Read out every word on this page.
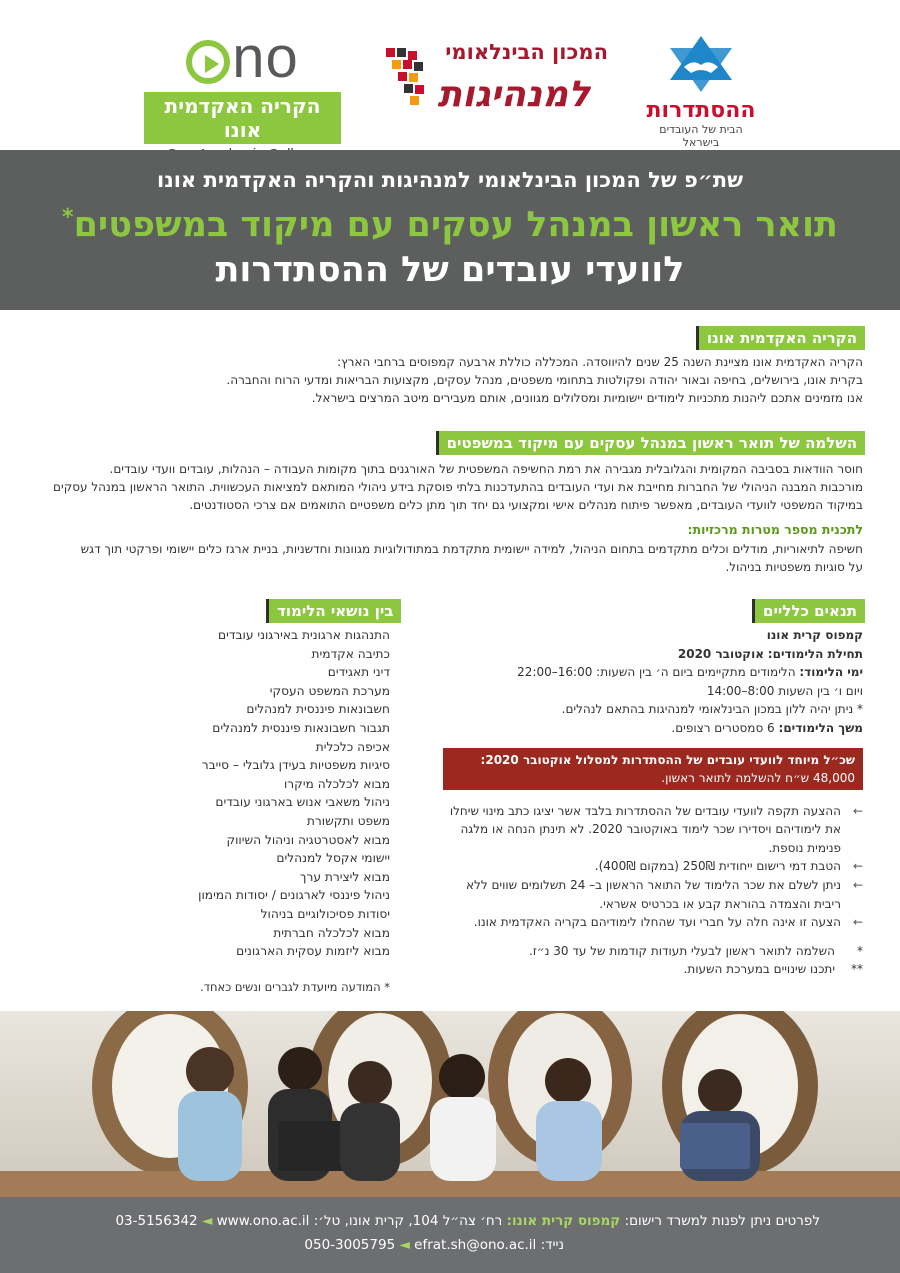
no
הקריה האקדמית אונו
המכון הבינלאומי
למנהיגות	ההסתדרות
הבית של העובדים בישראל
שת״פ של המכון הבינלאומי למנהיגות והקריה האקדמית אונו
תואר ראשון במנהל עסקים עם מיקוד במשפטים*
לוועדי עובדים של ההסתדרות
הקריה האקדמית אונו

הקריה האקדמית אונו מציינת השנה 25 שנים להיווסדה. המכללה כוללת ארבעה קמפוסים ברחבי הארץ:

בקרית אונו, בירושלים, בחיפה ובאור יהודה ופקולטות בתחומי משפטים, מנהל עסקים, מקצועות הבריאות ומדעי הרוח והחברה.

אנו מזמינים אתכם ליהנות מתכניות לימודים יישומיות ומסלולים מגוונים, אותם מעבירים מיטב המרצים בישראל.

השלמה של תואר ראשון במנהל עסקים עם מיקוד במשפטים

חוסר הוודאות בסביבה המקומית והגלובלית מגבירה את רמת החשיפה המשפטית של האורגנים בתוך מקומות העבודה – הנהלות, עובדים וועדי עובדים.

מורכבות המבנה הניהולי של החברות מחייבת את ועדי העובדים בהתעדכנות בלתי פוסקת בידע ניהולי המותאם למציאות העכשווית. התואר הראשון במנהל עסקים

במיקוד המשפטי לוועדי העובדים, מאפשר פיתוח מנהלים אישי ומקצועי גם יחד תוך מתן כלים משפטיים התואמים אם צרכי הסטודנטים.

לתכנית מספר מטרות מרכזיות:

חשיפה לתיאוריות, מודלים וכלים מתקדמים בתחום הניהול, למידה יישומית מתקדמת במתודולוגיות מגוונות וחדשניות, בניית ארגז כלים יישומי ופרקטי תוך דגש

על סוגיות משפטיות בניהול.

תנאים כלליים

קמפוס קרית אונו

תחילת הלימודים: אוקטובר 2020

ימי הלימוד: הלימודים מתקיימים ביום ה׳ בין השעות: 16:00–22:00

ויום ו׳ בין השעות 8:00–14:00

* ניתן יהיה ללון במכון הבינלאומי למנהיגות בהתאם לנהלים.

משך הלימודים: 6 סמסטרים רצופים.

שכ״ל מיוחד לוועדי עובדים של ההסתדרות למסלול אוקטובר 2020:
48,000 ש״ח להשלמה לתואר ראשון.
←
ההצעה תקפה לוועדי עובדים של ההסתדרות בלבד אשר יציגו כתב מינוי שיחלו את לימודיהם ויסדירו שכר לימוד באוקטובר 2020. לא תינתן הנחה או מלגה פנימית נוספת.
←
הטבת דמי רישום ייחודית 250₪ (במקום 400₪).
←
ניתן לשלם את שכר הלימוד של התואר הראשון ב– 24 תשלומים שווים ללא ריבית והצמדה בהוראת קבע או בכרטיס אשראי.
←
הצעה זו אינה חלה על חברי ועד שהחלו לימודיהם בקריה האקדמית אונו.
*
השלמה לתואר ראשון לבעלי תעודות קודמות של עד 30 נ״ז.
**
יתכנו שינויים במערכת השעות.
בין נושאי הלימוד
התנהגות ארגונית באירגוני עובדים
כתיבה אקדמית
דיני תאגידים
מערכת המשפט העסקי
חשבונאות פיננסית למנהלים
תגבור חשבונאות פיננסית למנהלים
אכיפה כלכלית
סיגיות משפטיות בעידן גלובלי – סייבר
מבוא לכלכלה מיקרו
ניהול משאבי אנוש בארגוני עובדים
משפט ותקשורת
מבוא לאסטרטגיה וניהול השיווק
יישומי אקסל למנהלים
מבוא ליצירת ערך
ניהול פיננסי לארגונים / יסודות המימון
יסודות פסיכולוגיים בניהול
מבוא לכלכלה חברתית
מבוא ליזמות עסקית הארגונים
* המודעה מיועדת לגברים ונשים כאחד.
לפרטים ניתן לפנות למשרד רישום: קמפוס קרית אונו: רח׳ צה״ל 104, קרית אונו, טל׳: 03-5156342 ◄ www.ono.ac.il
נייד: 050-3005795 ◄ efrat.sh@ono.ac.il
